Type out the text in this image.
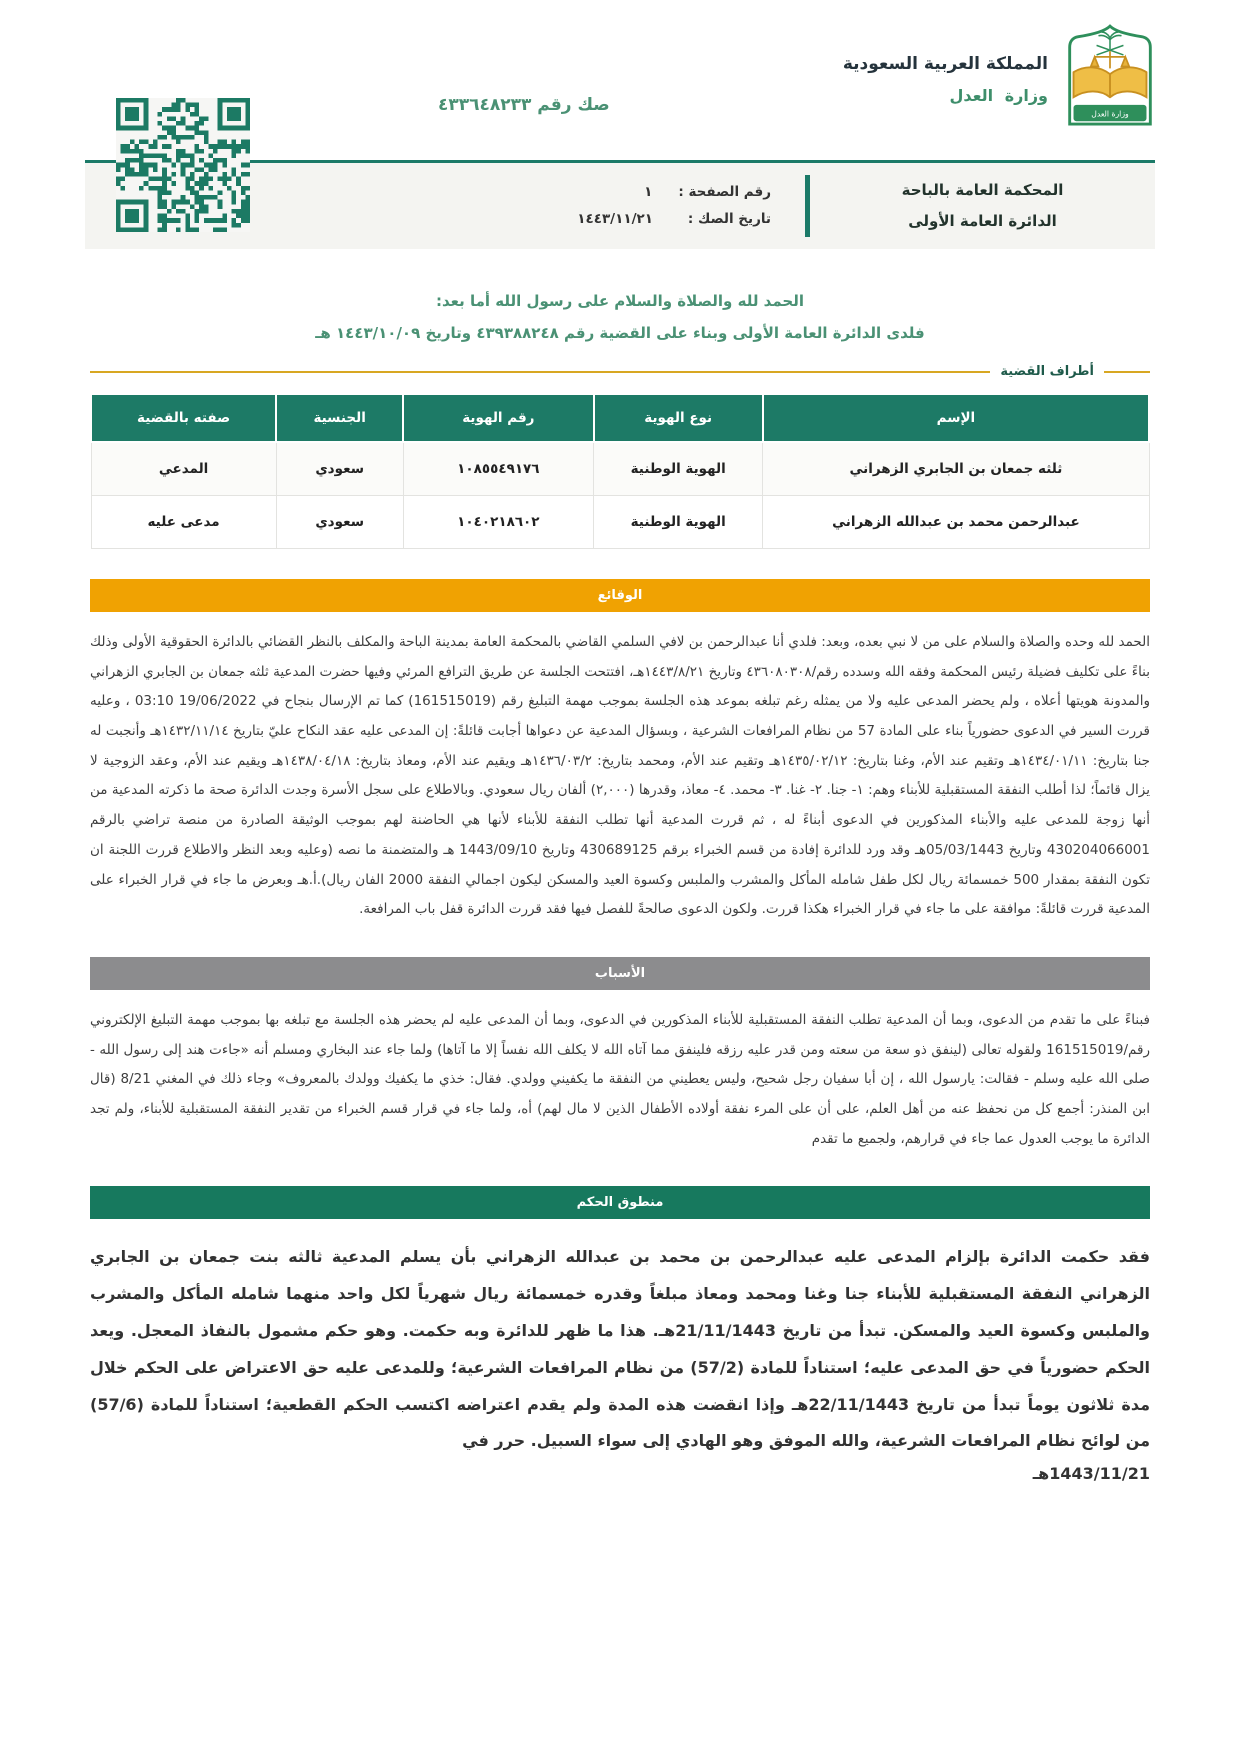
وزارة العدل
المملكة العربية السعودية
وزارة العدل
صك رقم ٤٣٣٦٤٨٢٣٣
المحكمة العامة بالباحة
الدائرة العامة الأولى
رقم الصفحة :
١
تاريخ الصك :
١٤٤٣/١١/٢١
الحمد لله والصلاة والسلام على رسول الله أما بعد:
فلدى الدائرة العامة الأولى وبناء على القضية رقم ٤٣٩٣٨٨٢٤٨ وتاريخ ١٤٤٣/١٠/٠٩ هـ
أطراف القضية
الإسم	نوع الهوية	رقم الهوية	الجنسية	صفته بالقضية
ثلثه جمعان بن الجابري الزهراني	الهوية الوطنية	١٠٨٥٥٤٩١٧٦	سعودي	المدعي
عبدالرحمن محمد بن عبدالله الزهراني	الهوية الوطنية	١٠٤٠٢١٨٦٠٢	سعودي	مدعى عليه
الوقائع

الحمد لله وحده والصلاة والسلام على من لا نبي بعده، وبعد: فلدي أنا عبدالرحمن بن لافي السلمي القاضي بالمحكمة العامة بمدينة الباحة والمكلف بالنظر القضائي بالدائرة الحقوقية الأولى وذلك بناءً على تكليف فضيلة رئيس المحكمة وفقه الله وسدده رقم/٤٣٦٠٨٠٣٠٨ وتاريخ ١٤٤٣/٨/٢١هـ، افتتحت الجلسة عن طريق الترافع المرئي وفيها حضرت المدعية ثلثه جمعان بن الجابري الزهراني والمدونة هويتها أعلاه ، ولم يحضر المدعى عليه ولا من يمثله رغم تبلغه بموعد هذه الجلسة بموجب مهمة التبليغ رقم (161515019) كما تم الإرسال بنجاح في 19/06/2022 03:10 ، وعليه قررت السير في الدعوى حضورياً بناء على المادة 57 من نظام المرافعات الشرعية ، وبسؤال المدعية عن دعواها أجابت قائلةً: إن المدعى عليه عقد النكاح عليّ بتاريخ ١٤٣٢/١١/١٤هـ وأنجبت له جنا بتاريخ: ١٤٣٤/٠١/١١هـ وتقيم عند الأم، وغنا بتاريخ: ١٤٣٥/٠٢/١٢هـ وتقيم عند الأم، ومحمد بتاريخ: ١٤٣٦/٠٣/٢هـ ويقيم عند الأم، ومعاذ بتاريخ: ١٤٣٨/٠٤/١٨هـ ويقيم عند الأم، وعقد الزوجية لا يزال قائماً؛ لذا أطلب النفقة المستقبلية للأبناء وهم: ١- جنا. ٢- غنا. ٣- محمد. ٤- معاذ، وقدرها (٢,٠٠٠) ألفان ريال سعودي. وبالاطلاع على سجل الأسرة وجدت الدائرة صحة ما ذكرته المدعية من أنها زوجة للمدعى عليه والأبناء المذكورين في الدعوى أبناءً له ، ثم قررت المدعية أنها تطلب النفقة للأبناء لأنها هي الحاضنة لهم بموجب الوثيقة الصادرة من منصة تراضي بالرقم 430204066001 وتاريخ 05/03/1443هـ وقد ورد للدائرة إفادة من قسم الخبراء برقم 430689125 وتاريخ 1443/09/10 هـ والمتضمنة ما نصه (وعليه وبعد النظر والاطلاع قررت اللجنة ان تكون النفقة بمقدار 500 خمسمائة ريال لكل طفل شامله المأكل والمشرب والملبس وكسوة العيد والمسكن ليكون اجمالي النفقة 2000 الفان ريال).أ.هـ وبعرض ما جاء في قرار الخبراء على المدعية قررت قائلةً: موافقة على ما جاء في قرار الخبراء هكذا قررت. ولكون الدعوى صالحةً للفصل فيها فقد قررت الدائرة قفل باب المرافعة.

الأسباب

فبناءً على ما تقدم من الدعوى، وبما أن المدعية تطلب النفقة المستقبلية للأبناء المذكورين في الدعوى، وبما أن المدعى عليه لم يحضر هذه الجلسة مع تبلغه بها بموجب مهمة التبليغ الإلكتروني رقم/161515019 ولقوله تعالى (لينفق ذو سعة من سعته ومن قدر عليه رزقه فلينفق مما آتاه الله لا يكلف الله نفساً إلا ما آتاها) ولما جاء عند البخاري ومسلم أنه «جاءت هند إلى رسول الله - صلى الله عليه وسلم - فقالت: يارسول الله ، إن أبا سفيان رجل شحيح، وليس يعطيني من النفقة ما يكفيني وولدي. فقال: خذي ما يكفيك وولدك بالمعروف» وجاء ذلك في المغني 8/21 (قال ابن المنذر: أجمع كل من نحفظ عنه من أهل العلم، على أن على المرء نفقة أولاده الأطفال الذين لا مال لهم) أه، ولما جاء في قرار قسم الخبراء من تقدير النفقة المستقبلية للأبناء، ولم تجد الدائرة ما يوجب العدول عما جاء في قرارهم، ولجميع ما تقدم

منطوق الحكم

فقد حكمت الدائرة بإلزام المدعى عليه عبدالرحمن بن محمد بن عبدالله الزهراني بأن يسلم المدعية ثالثه بنت جمعان بن الجابري الزهراني النفقة المستقبلية للأبناء جنا وغنا ومحمد ومعاذ مبلغاً وقدره خمسمائة ريال شهرياً لكل واحد منهما شامله المأكل والمشرب والملبس وكسوة العيد والمسكن. تبدأ من تاريخ 21/11/1443هـ. هذا ما ظهر للدائرة وبه حكمت. وهو حكم مشمول بالنفاذ المعجل. ويعد الحكم حضورياً في حق المدعى عليه؛ استناداً للمادة (57/2) من نظام المرافعات الشرعية؛ وللمدعى عليه حق الاعتراض على الحكم خلال مدة ثلاثون يوماً تبدأ من تاريخ 22/11/1443هـ وإذا انقضت هذه المدة ولم يقدم اعتراضه اكتسب الحكم القطعية؛ استناداً للمادة (57/6) من لوائح نظام المرافعات الشرعية، والله الموفق وهو الهادي إلى سواء السبيل. حرر في

1443/11/21هـ
